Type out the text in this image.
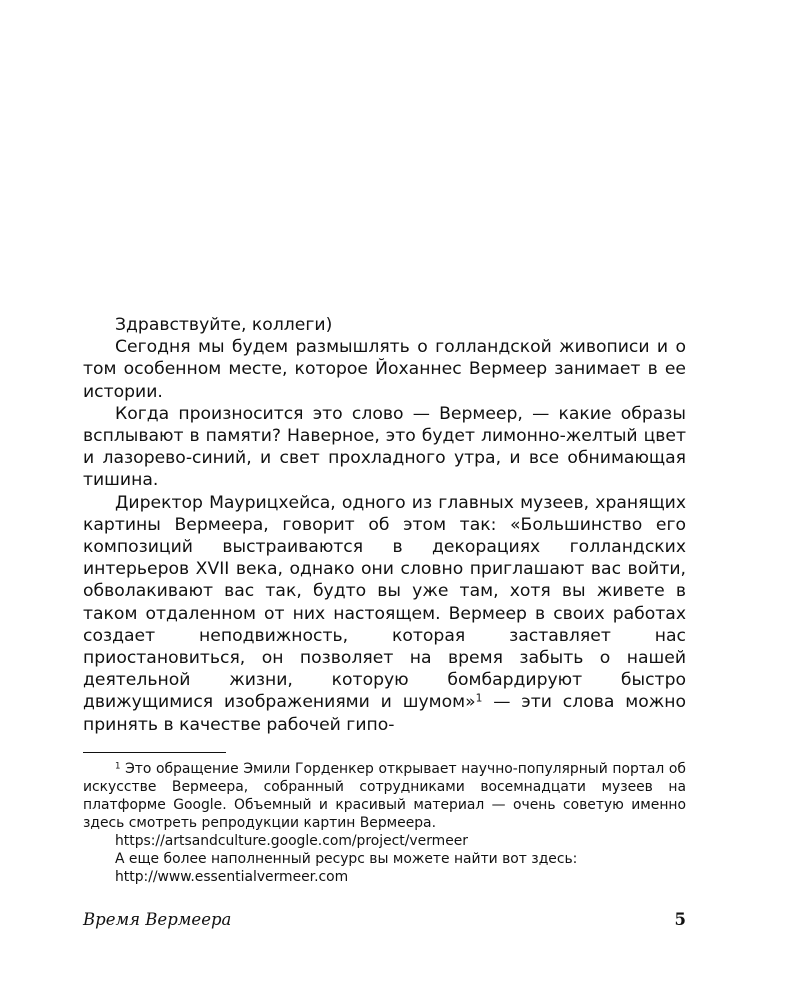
Здравствуйте, коллеги)

Сегодня мы будем размышлять о голландской живописи и о том особенном месте, которое Йоханнес Вермеер занимает в ее истории.

Когда произносится это слово — Вермеер, — какие образы всплывают в памяти? Наверное, это будет лимонно-желтый цвет и лазорево-синий, и свет прохладного утра, и все обнимающая тишина.

Директор Маурицхейса, одного из главных музеев, хранящих картины Вермеера, говорит об этом так: «Большинство его композиций выстраиваются в декорациях голландских интерьеров XVII века, однако они словно приглашают вас войти, обволакивают вас так, будто вы уже там, хотя вы живете в таком отдаленном от них настоящем. Вермеер в своих работах создает неподвижность, которая заставляет нас приостановиться, он позволяет на время забыть о нашей деятельной жизни, которую бомбардируют быстро движущимися изображениями и шумом»$^1$ — эти слова можно принять в качестве рабочей гипо-

$^1$ Это обращение Эмили Горденкер открывает научно-популярный портал об искусстве Вермеера, собранный сотрудниками восемнадцати музеев на платформе Google. Объемный и красивый материал — очень советую именно здесь смотреть репродукции картин Вермеера.

https://artsandculture.google.com/project/vermeer

А еще более наполненный ресурс вы можете найти вот здесь:

http://www.essentialvermeer.com

Время Вермеера	5
